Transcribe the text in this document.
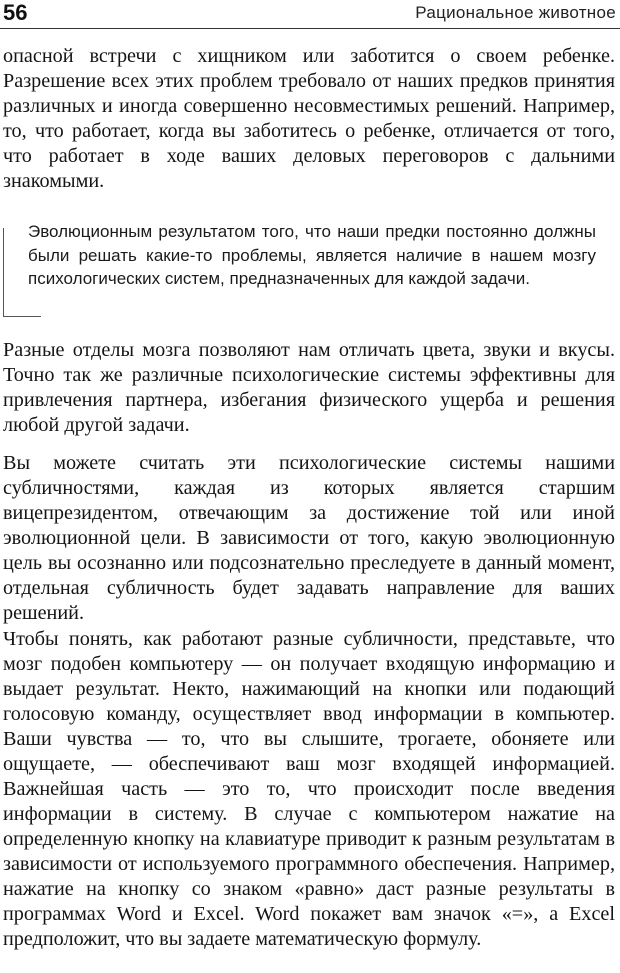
56	Рациональное животное

опасной встречи с хищником или заботится о своем ребенке. Разрешение всех этих проблем требовало от наших предков принятия различных и иногда совершенно несовместимых решений. Например, то, что работает, когда вы заботитесь о ребенке, отличается от того, что работает в ходе ваших деловых переговоров с дальними знакомыми.

Эволюционным результатом того, что наши предки постоянно должны были решать какие-то проблемы, является наличие в нашем мозгу психологических систем, предназначенных для каждой задачи.

Разные отделы мозга позволяют нам отличать цвета, звуки и вкусы. Точно так же различные психологические системы эффективны для привлечения партнера, избегания физического ущерба и решения любой другой задачи.

Вы можете считать эти психологические системы нашими субличностями, каждая из которых является старшим вицепрезидентом, отвечающим за достижение той или иной эволюционной цели. В зависимости от того, какую эволюционную цель вы осознанно или подсознательно преследуете в данный момент, отдельная субличность будет задавать направление для ваших решений.

Чтобы понять, как работают разные субличности, представьте, что мозг подобен компьютеру — он получает входящую информацию и выдает результат. Некто, нажимающий на кнопки или подающий голосовую команду, осуществляет ввод информации в компьютер. Ваши чувства — то, что вы слышите, трогаете, обоняете или ощущаете, — обеспечивают ваш мозг входящей информацией. Важнейшая часть — это то, что происходит после введения информации в систему. В случае с компьютером нажатие на определенную кнопку на клавиатуре приводит к разным результатам в зависимости от используемого программного обеспечения. Например, нажатие на кнопку со знаком «равно» даст разные результаты в программах Word и Excel. Word покажет вам значок «=», а Excel предположит, что вы задаете математическую формулу.
